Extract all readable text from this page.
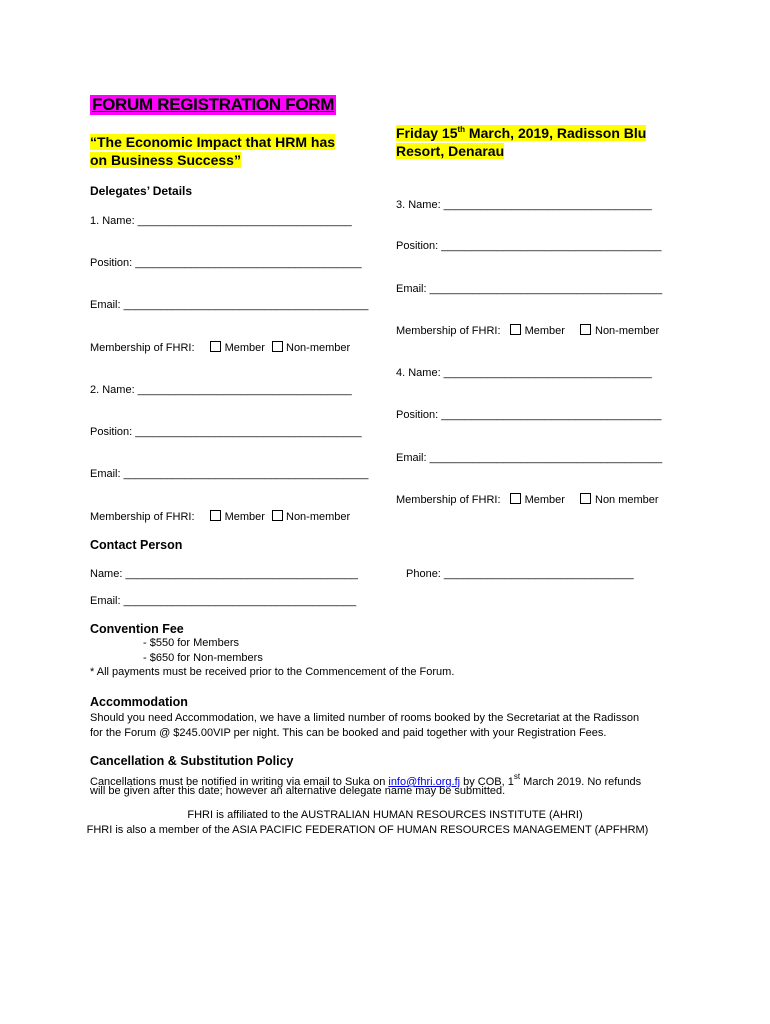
FORUM REGISTRATION FORM
“The Economic Impact that HRM has
on Business Success”
Friday 15th March, 2019, Radisson Blu
Resort, Denarau
Delegates’ Details
1. Name: ___________________________________
Position: _____________________________________
Email: ________________________________________
Membership of FHRI:	Member Non-member
2. Name: ___________________________________
Position: _____________________________________
Email: ________________________________________
Membership of FHRI:	Member Non-member
3. Name: __________________________________
Position: ____________________________________
Email: ______________________________________
Membership of FHRI: Member	Non-member
4. Name: __________________________________
Position: ____________________________________
Email: ______________________________________
Membership of FHRI: Member	Non member
Contact Person
Name: ______________________________________	Phone: _______________________________
Email: ______________________________________
Convention Fee
- $550 for Members
- $650 for Non-members
* All payments must be received prior to the Commencement of the Forum.
Accommodation
Should you need Accommodation, we have a limited number of rooms booked by the Secretariat at the Radisson
for the Forum @ $245.00VIP per night. This can be booked and paid together with your Registration Fees.
Cancellation & Substitution Policy
Cancellations must be notified in writing via email to Suka on info@fhri.org.fj by COB, 1st March 2019. No refunds
will be given after this date; however an alternative delegate name may be submitted.
FHRI is affiliated to the AUSTRALIAN HUMAN RESOURCES INSTITUTE (AHRI)
FHRI is also a member of the ASIA PACIFIC FEDERATION OF HUMAN RESOURCES MANAGEMENT (APFHRM)
